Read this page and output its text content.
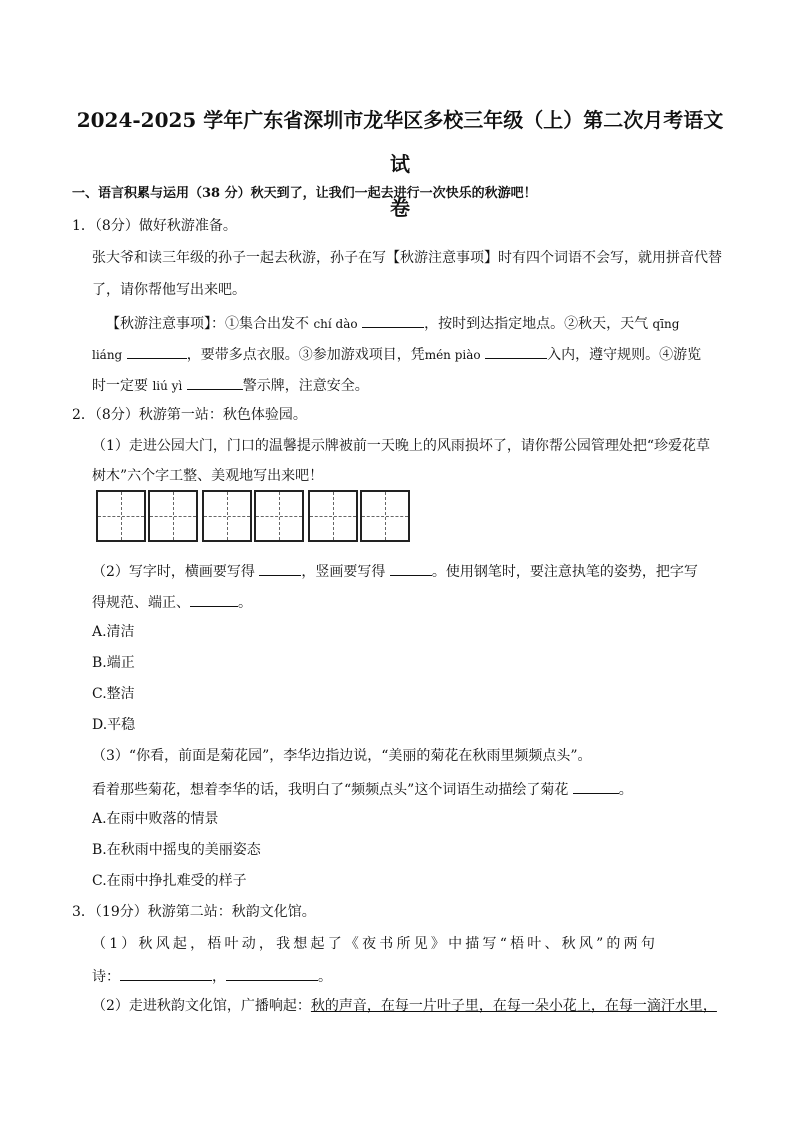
2024-2025 学年广东省深圳市龙华区多校三年级（上）第二次月考语文试
卷
一、语言积累与运用（38 分）秋天到了，让我们一起去进行一次快乐的秋游吧！
1．（8分）做好秋游准备。
张大爷和读三年级的孙子一起去秋游，孙子在写【秋游注意事项】时有四个词语不会写，就用拼音代替
了，请你帮他写出来吧。
【秋游注意事项】：①集合出发不 chí dào	，按时到达指定地点。②秋天，天气 qīng
liáng	，要带多点衣服。③参加游戏项目，凭mén piào	入内，遵守规则。④游览
时一定要 liú yì	警示牌，注意安全。
2．（8分）秋游第一站：秋色体验园。
（1）走进公园大门，门口的温馨提示牌被前一天晚上的风雨损坏了，请你帮公园管理处把“珍爱花草
树木”六个字工整、美观地写出来吧！
（2）写字时，横画要写得	，竖画要写得	。使用钢笔时，要注意执笔的姿势，把字写
得规范、端正、	。
A.清洁
B.端正
C.整洁
D.平稳
（3）“你看，前面是菊花园”，李华边指边说，“美丽的菊花在秋雨里频频点头”。
看着那些菊花，想着李华的话，我明白了“频频点头”这个词语生动描绘了菊花	。
A.在雨中败落的情景
B.在秋雨中摇曳的美丽姿态
C.在雨中挣扎难受的样子
3．（19分）秋游第二站：秋韵文化馆。
（1）秋风起，梧叶动，我想起了《夜书所见》中描写“梧叶、秋风”的两句
诗：	，	。
（2）走进秋韵文化馆，广播响起：秋的声音，在每一片叶子里，在每一朵小花上，在每一滴汗水里，
